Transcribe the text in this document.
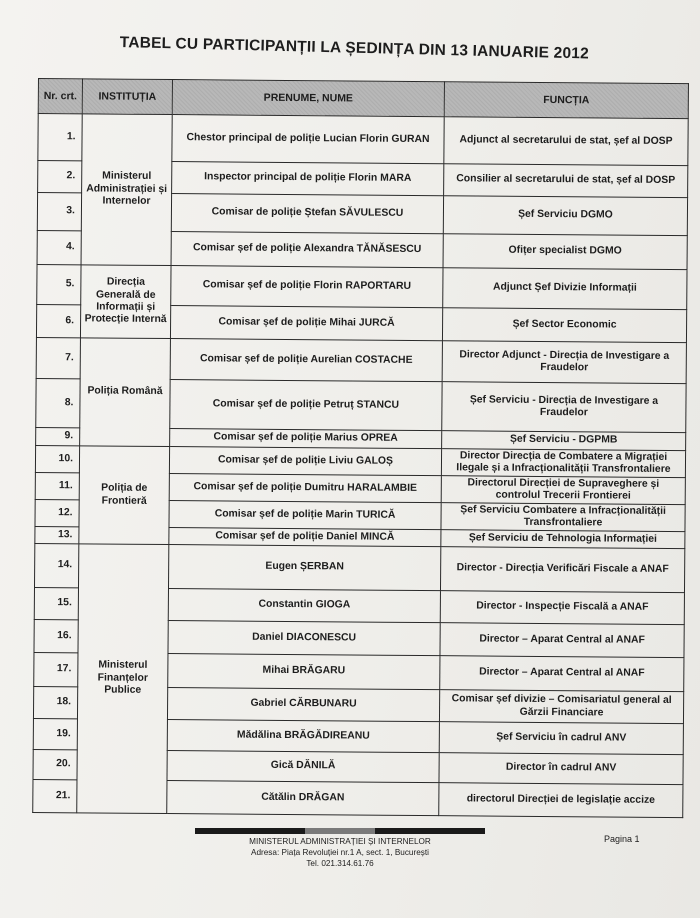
TABEL CU PARTICIPANȚII LA ȘEDINȚA DIN 13 IANUARIE 2012
Nr. crt.	INSTITUȚIA	PRENUME, NUME	FUNCȚIA
1.	Ministerul Administrației și Internelor	Chestor principal de poliție Lucian Florin GURAN	Adjunct al secretarului de stat, șef al DOSP
2.		Inspector principal de poliție Florin MARA	Consilier al secretarului de stat, șef al DOSP
3.		Comisar de poliție Ștefan SĂVULESCU	Șef Serviciu DGMO
4.		Comisar șef de poliție Alexandra TĂNĂSESCU	Ofițer specialist DGMO
5.	Direcția Generală de Informații și Protecție Internă	Comisar șef de poliție Florin RAPORTARU	Adjunct Șef Divizie Informații
6.		Comisar șef de poliție Mihai JURCĂ	Șef Sector Economic
7.	Poliția Română	Comisar șef de poliție Aurelian COSTACHE	Director Adjunct - Direcția de Investigare a Fraudelor
8.		Comisar șef de poliție Petruț STANCU	Șef Serviciu - Direcția de Investigare a Fraudelor
9.		Comisar șef de poliție Marius OPREA	Șef Serviciu - DGPMB
10.	Poliția de Frontieră	Comisar șef de poliție Liviu GALOȘ	Director Direcția de Combatere a Migrației Ilegale și a Infracționalității Transfrontaliere
11.		Comisar șef de poliție Dumitru HARALAMBIE	Directorul Direcției de Supraveghere și controlul Trecerii Frontierei
12.		Comisar șef de poliție Marin TURICĂ	Șef Serviciu Combatere a Infracționalității Transfrontaliere
13.		Comisar șef de poliție Daniel MINCĂ	Șef Serviciu de Tehnologia Informației
14.	Ministerul Finanțelor Publice	Eugen ȘERBAN	Director - Direcția Verificări Fiscale a ANAF
15.		Constantin GIOGA	Director - Inspecție Fiscală a ANAF
16.		Daniel DIACONESCU	Director – Aparat Central al ANAF
17.		Mihai BRĂGARU	Director – Aparat Central al ANAF
18.		Gabriel CĂRBUNARU	Comisar șef divizie – Comisariatul general al Gărzii Financiare
19.		Mădălina BRĂGĂDIREANU	Șef Serviciu în cadrul ANV
20.		Gică DĂNILĂ	Director în cadrul ANV
21.		Cătălin DRĂGAN	directorul Direcției de legislație accize
MINISTERUL ADMINISTRAȚIEI ȘI INTERNELOR
Adresa: Piața Revoluției nr.1 A, sect. 1, București
Tel. 021.314.61.76
Pagina 1
